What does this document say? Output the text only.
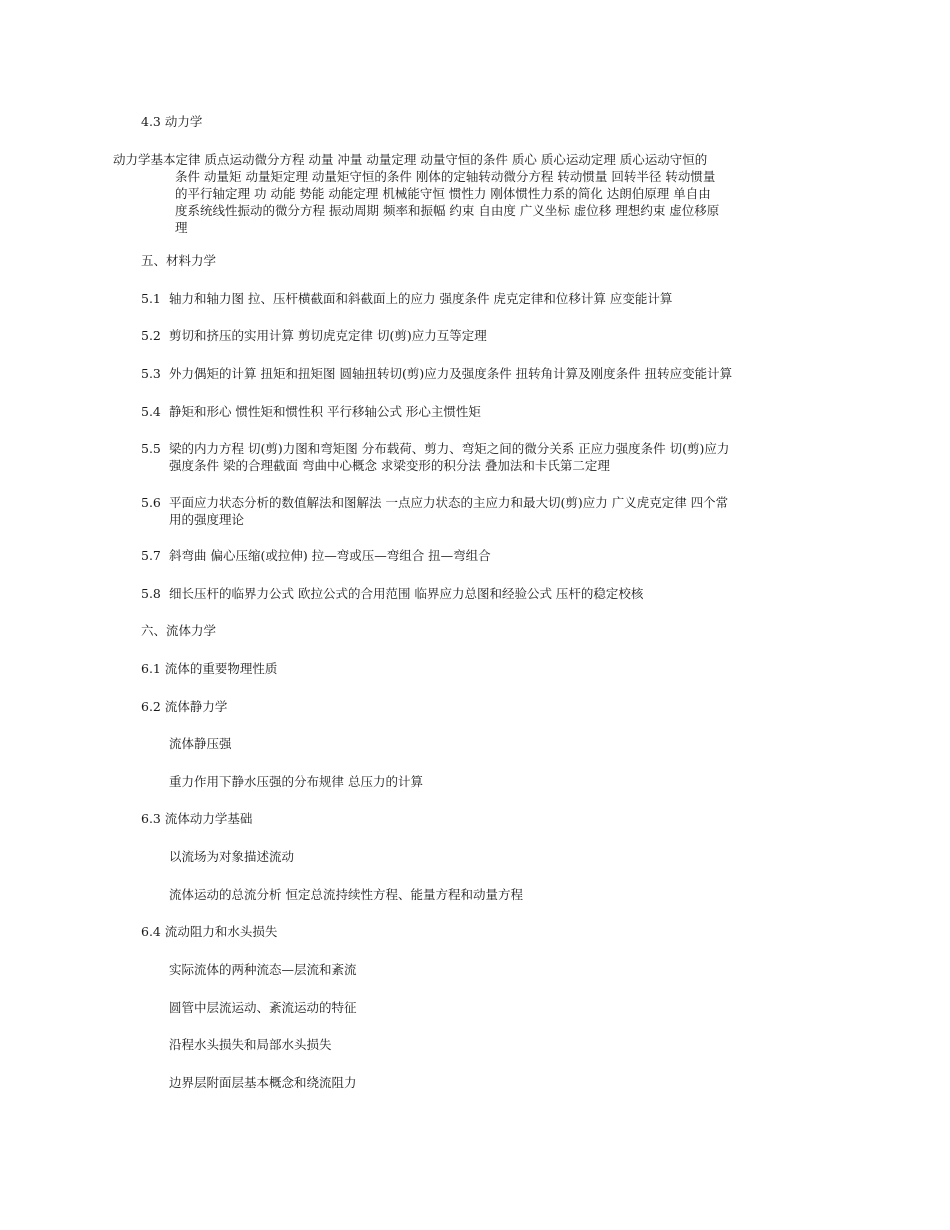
4.3 动力学
动力学基本定律 质点运动微分方程 动量 冲量 动量定理 动量守恒的条件 质心 质心运动定理 质心运动守恒的
条件 动量矩 动量矩定理 动量矩守恒的条件 刚体的定轴转动微分方程 转动惯量 回转半径 转动惯量
的平行轴定理 功 动能 势能 动能定理 机械能守恒 惯性力 刚体惯性力系的简化 达朗伯原理 单自由
度系统线性振动的微分方程 振动周期 频率和振幅 约束 自由度 广义坐标 虚位移 理想约束 虚位移原
理
五、材料力学
5.1 轴力和轴力图 拉、压杆横截面和斜截面上的应力 强度条件 虎克定律和位移计算 应变能计算
5.2 剪切和挤压的实用计算 剪切虎克定律 切(剪)应力互等定理
5.3 外力偶矩的计算 扭矩和扭矩图 圆轴扭转切(剪)应力及强度条件 扭转角计算及刚度条件 扭转应变能计算
5.4 静矩和形心 惯性矩和惯性积 平行移轴公式 形心主惯性矩
5.5 梁的内力方程 切(剪)力图和弯矩图 分布载荷、剪力、弯矩之间的微分关系 正应力强度条件 切(剪)应力
强度条件 梁的合理截面 弯曲中心概念 求梁变形的积分法 叠加法和卡氏第二定理
5.6 平面应力状态分析的数值解法和图解法 一点应力状态的主应力和最大切(剪)应力 广义虎克定律 四个常
用的强度理论
5.7 斜弯曲 偏心压缩(或拉伸) 拉—弯或压—弯组合 扭—弯组合
5.8 细长压杆的临界力公式 欧拉公式的合用范围 临界应力总图和经验公式 压杆的稳定校核
六、流体力学
6.1 流体的重要物理性质
6.2 流体静力学
流体静压强
重力作用下静水压强的分布规律 总压力的计算
6.3 流体动力学基础
以流场为对象描述流动
流体运动的总流分析 恒定总流持续性方程、能量方程和动量方程
6.4 流动阻力和水头损失
实际流体的两种流态—层流和紊流
圆管中层流运动、紊流运动的特征
沿程水头损失和局部水头损失
边界层附面层基本概念和绕流阻力
